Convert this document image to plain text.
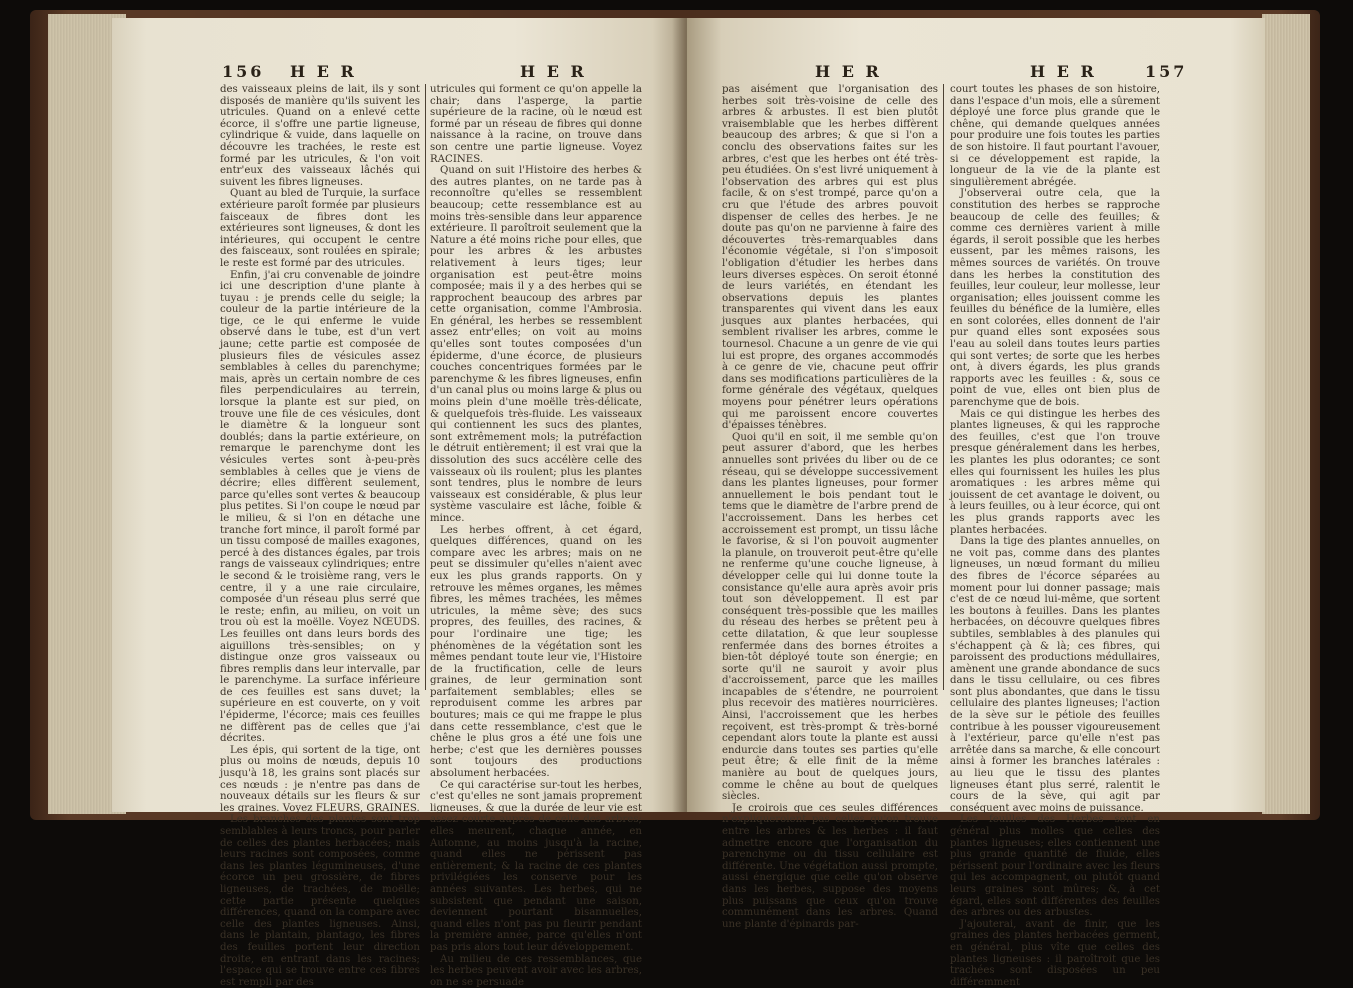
156 H E R	H E R

des vaisseaux pleins de lait, ils y sont disposés de manière qu'ils suivent les utricules. Quand on a enlevé cette écorce, il s'offre une partie ligneuse, cylindrique & vuide, dans laquelle on découvre les trachées, le reste est formé par les utricules, & l'on voit entr'eux des vaisseaux lâchés qui suivent les fibres ligneuses.

Quant au bled de Turquie, la surface extérieure paroît formée par plusieurs faisceaux de fibres dont les extérieures sont ligneuses, & dont les intérieures, qui occupent le centre des faisceaux, sont roulées en spirale; le reste est formé par des utricules.

Enfin, j'ai cru convenable de joindre ici une description d'une plante à tuyau : je prends celle du seigle; la couleur de la partie intérieure de la tige, ce le qui enferme le vuide observé dans le tube, est d'un vert jaune; cette partie est composée de plusieurs files de vésicules assez semblables à celles du parenchyme; mais, après un certain nombre de ces files perpendiculaires au terrein, lorsque la plante est sur pied, on trouve une file de ces vésicules, dont le diamètre & la longueur sont doublés; dans la partie extérieure, on remarque le parenchyme dont les vésicules vertes sont à-peu-près semblables à celles que je viens de décrire; elles diffèrent seulement, parce qu'elles sont vertes & beaucoup plus petites. Si l'on coupe le nœud par le milieu, & si l'on en détache une tranche fort mince, il paroît formé par un tissu composé de mailles exagones, percé à des distances égales, par trois rangs de vaisseaux cylindriques; entre le second & le troisième rang, vers le centre, il y a une raie circulaire, composée d'un réseau plus serré que le reste; enfin, au milieu, on voit un trou où est la moëlle. Voyez NŒUDS. Les feuilles ont dans leurs bords des aiguillons très-sensibles; on y distingue onze gros vaisseaux ou fibres remplis dans leur intervalle, par le parenchyme. La surface inférieure de ces feuilles est sans duvet; la supérieure en est couverte, on y voit l'épiderme, l'écorce; mais ces feuilles ne diffèrent pas de celles que j'ai décrites.

Les épis, qui sortent de la tige, ont plus ou moins de nœuds, depuis 10 jusqu'à 18, les grains sont placés sur ces nœuds : je n'entre pas dans de nouveaux détails sur les fleurs & sur les graines. Voyez FLEURS, GRAINES.

Les branches des plantes sont trop semblables à leurs troncs, pour parler de celles des plantes herbacées; mais leurs racines sont composées, comme dans les plantes légumineuses, d'une écorce un peu grossière, de fibres ligneuses, de trachées, de moëlle; cette partie présente quelques différences, quand on la compare avec celle des plantes ligneuses. Ainsi, dans le plantain, plantago, les fibres des feuilles portent leur direction droite, en entrant dans les racines; l'espace qui se trouve entre ces fibres est rempli par des

utricules qui forment ce qu'on appelle la chair; dans l'asperge, la partie supérieure de la racine, où le nœud est formé par un réseau de fibres qui donne naissance à la racine, on trouve dans son centre une partie ligneuse. Voyez RACINES.

Quand on suit l'Histoire des herbes & des autres plantes, on ne tarde pas à reconnoître qu'elles se ressemblent beaucoup; cette ressemblance est au moins très-sensible dans leur apparence extérieure. Il paroîtroit seulement que la Nature a été moins riche pour elles, que pour les arbres & les arbustes relativement à leurs tiges; leur organisation est peut-être moins composée; mais il y a des herbes qui se rapprochent beaucoup des arbres par cette organisation, comme l'Ambrosia. En général, les herbes se ressemblent assez entr'elles; on voit au moins qu'elles sont toutes composées d'un épiderme, d'une écorce, de plusieurs couches concentriques formées par le parenchyme & les fibres ligneuses, enfin d'un canal plus ou moins large & plus ou moins plein d'une moëlle très-délicate, & quelquefois très-fluide. Les vaisseaux qui contiennent les sucs des plantes, sont extrêmement mols; la putréfaction le détruit entièrement; il est vrai que la dissolution des sucs accélère celle des vaisseaux où ils roulent; plus les plantes sont tendres, plus le nombre de leurs vaisseaux est considérable, & plus leur système vasculaire est lâche, foible & mince.

Les herbes offrent, à cet égard, quelques différences, quand on les compare avec les arbres; mais on ne peut se dissimuler qu'elles n'aient avec eux les plus grands rapports. On y retrouve les mêmes organes, les mêmes fibres, les mêmes trachées, les mêmes utricules, la même sève; des sucs propres, des feuilles, des racines, & pour l'ordinaire une tige; les phénomènes de la végétation sont les mêmes pendant toute leur vie, l'Histoire de la fructification, celle de leurs graines, de leur germination sont parfaitement semblables; elles se reproduisent comme les arbres par boutures; mais ce qui me frappe le plus dans cette ressemblance, c'est que le chêne le plus gros a été une fois une herbe; c'est que les dernières pousses sont toujours des productions absolument herbacées.

Ce qui caractérise sur-tout les herbes, c'est qu'elles ne sont jamais proprement ligneuses, & que la durée de leur vie est assez courte auprès de celle des arbres; elles meurent, chaque année, en Automne, au moins jusqu'à la racine, quand elles ne périssent pas entièrement; & la racine de ces plantes privilégiées les conserve pour les années suivantes. Les herbes, qui ne subsistent que pendant une saison, deviennent pourtant bisannuelles, quand elles n'ont pas pu fleurir pendant la première année, parce qu'elles n'ont pas pris alors tout leur développement.

Au milieu de ces ressemblances, que les herbes peuvent avoir avec les arbres, on ne se persuade

H E R	H E R	157

pas aisément que l'organisation des herbes soit très-voisine de celle des arbres & arbustes. Il est bien plutôt vraisemblable que les herbes diffèrent beaucoup des arbres; & que si l'on a conclu des observations faites sur les arbres, c'est que les herbes ont été très-peu étudiées. On s'est livré uniquement à l'observation des arbres qui est plus facile, & on s'est trompé, parce qu'on a cru que l'étude des arbres pouvoit dispenser de celles des herbes. Je ne doute pas qu'on ne parvienne à faire des découvertes très-remarquables dans l'économie végétale, si l'on s'imposoit l'obligation d'étudier les herbes dans leurs diverses espèces. On seroit étonné de leurs variétés, en étendant les observations depuis les plantes transparentes qui vivent dans les eaux jusques aux plantes herbacées, qui semblent rivaliser les arbres, comme le tournesol. Chacune a un genre de vie qui lui est propre, des organes accommodés à ce genre de vie, chacune peut offrir dans ses modifications particulières de la forme générale des végétaux, quelques moyens pour pénétrer leurs opérations qui me paroissent encore couvertes d'épaisses ténèbres.

Quoi qu'il en soit, il me semble qu'on peut assurer d'abord, que les herbes annuelles sont privées du liber ou de ce réseau, qui se développe successivement dans les plantes ligneuses, pour former annuellement le bois pendant tout le tems que le diamètre de l'arbre prend de l'accroissement. Dans les herbes cet accroissement est prompt, un tissu lâche le favorise, & si l'on pouvoit augmenter la planule, on trouveroit peut-être qu'elle ne renferme qu'une couche ligneuse, à développer celle qui lui donne toute la consistance qu'elle aura après avoir pris tout son développement. Il est par conséquent très-possible que les mailles du réseau des herbes se prêtent peu à cette dilatation, & que leur souplesse renfermée dans des bornes étroites a bien-tôt déployé toute son énergie; en sorte qu'il ne sauroit y avoir plus d'accroissement, parce que les mailles incapables de s'étendre, ne pourroient plus recevoir des matières nourricières. Ainsi, l'accroissement que les herbes reçoivent, est très-prompt & très-borné cependant alors toute la plante est aussi endurcie dans toutes ses parties qu'elle peut être; & elle finit de la même manière au bout de quelques jours, comme le chêne au bout de quelques siècles.

Je croirois que ces seules différences n'expliqueroient pas celles qu'on trouve entre les arbres & les herbes : il faut admettre encore que l'organisation du parenchyme ou du tissu cellulaire est différente. Une végétation aussi prompte, aussi énergique que celle qu'on observe dans les herbes, suppose des moyens plus puissans que ceux qu'on trouve communément dans les arbres. Quand une plante d'épinards par-

court toutes les phases de son histoire, dans l'espace d'un mois, elle a sûrement déployé une force plus grande que le chêne, qui demande quelques années pour produire une fois toutes les parties de son histoire. Il faut pourtant l'avouer, si ce développement est rapide, la longueur de la vie de la plante est singulièrement abrégée.

J'observerai outre cela, que la constitution des herbes se rapproche beaucoup de celle des feuilles; & comme ces dernières varient à mille égards, il seroit possible que les herbes eussent, par les mêmes raisons, les mêmes sources de variétés. On trouve dans les herbes la constitution des feuilles, leur couleur, leur mollesse, leur organisation; elles jouissent comme les feuilles du bénéfice de la lumière, elles en sont colorées, elles donnent de l'air pur quand elles sont exposées sous l'eau au soleil dans toutes leurs parties qui sont vertes; de sorte que les herbes ont, à divers égards, les plus grands rapports avec les feuilles : &, sous ce point de vue, elles ont bien plus de parenchyme que de bois.

Mais ce qui distingue les herbes des plantes ligneuses, & qui les rapproche des feuilles, c'est que l'on trouve presque généralement dans les herbes, les plantes les plus odorantes; ce sont elles qui fournissent les huiles les plus aromatiques : les arbres même qui jouissent de cet avantage le doivent, ou à leurs feuilles, ou à leur écorce, qui ont les plus grands rapports avec les plantes herbacées.

Dans la tige des plantes annuelles, on ne voit pas, comme dans des plantes ligneuses, un nœud formant du milieu des fibres de l'écorce séparées au moment pour lui donner passage; mais c'est de ce nœud lui-même, que sortent les boutons à feuilles. Dans les plantes herbacées, on découvre quelques fibres subtiles, semblables à des planules qui s'échappent çà & là; ces fibres, qui paroissent des productions médullaires, amènent une grande abondance de sucs dans le tissu cellulaire, ou ces fibres sont plus abondantes, que dans le tissu cellulaire des plantes ligneuses; l'action de la sève sur le pétiole des feuilles contribue à les pousser vigoureusement à l'extérieur, parce qu'elle n'est pas arrêtée dans sa marche, & elle concourt ainsi à former les branches latérales : au lieu que le tissu des plantes ligneuses étant plus serré, ralentit le cours de la sève, qui agit par conséquent avec moins de puissance.

Les feuilles des Herbes sont en général plus molles que celles des plantes ligneuses; elles contiennent une plus grande quantité de fluide, elles périssent pour l'ordinaire avec les fleurs qui les accompagnent, ou plutôt quand leurs graines sont mûres; &, à cet égard, elles sont différentes des feuilles des arbres ou des arbustes.

J'ajouterai, avant de finir, que les graines des plantes herbacées germent, en général, plus vîte que celles des plantes ligneuses : il paroîtroit que les trachées sont disposées un peu différemment
